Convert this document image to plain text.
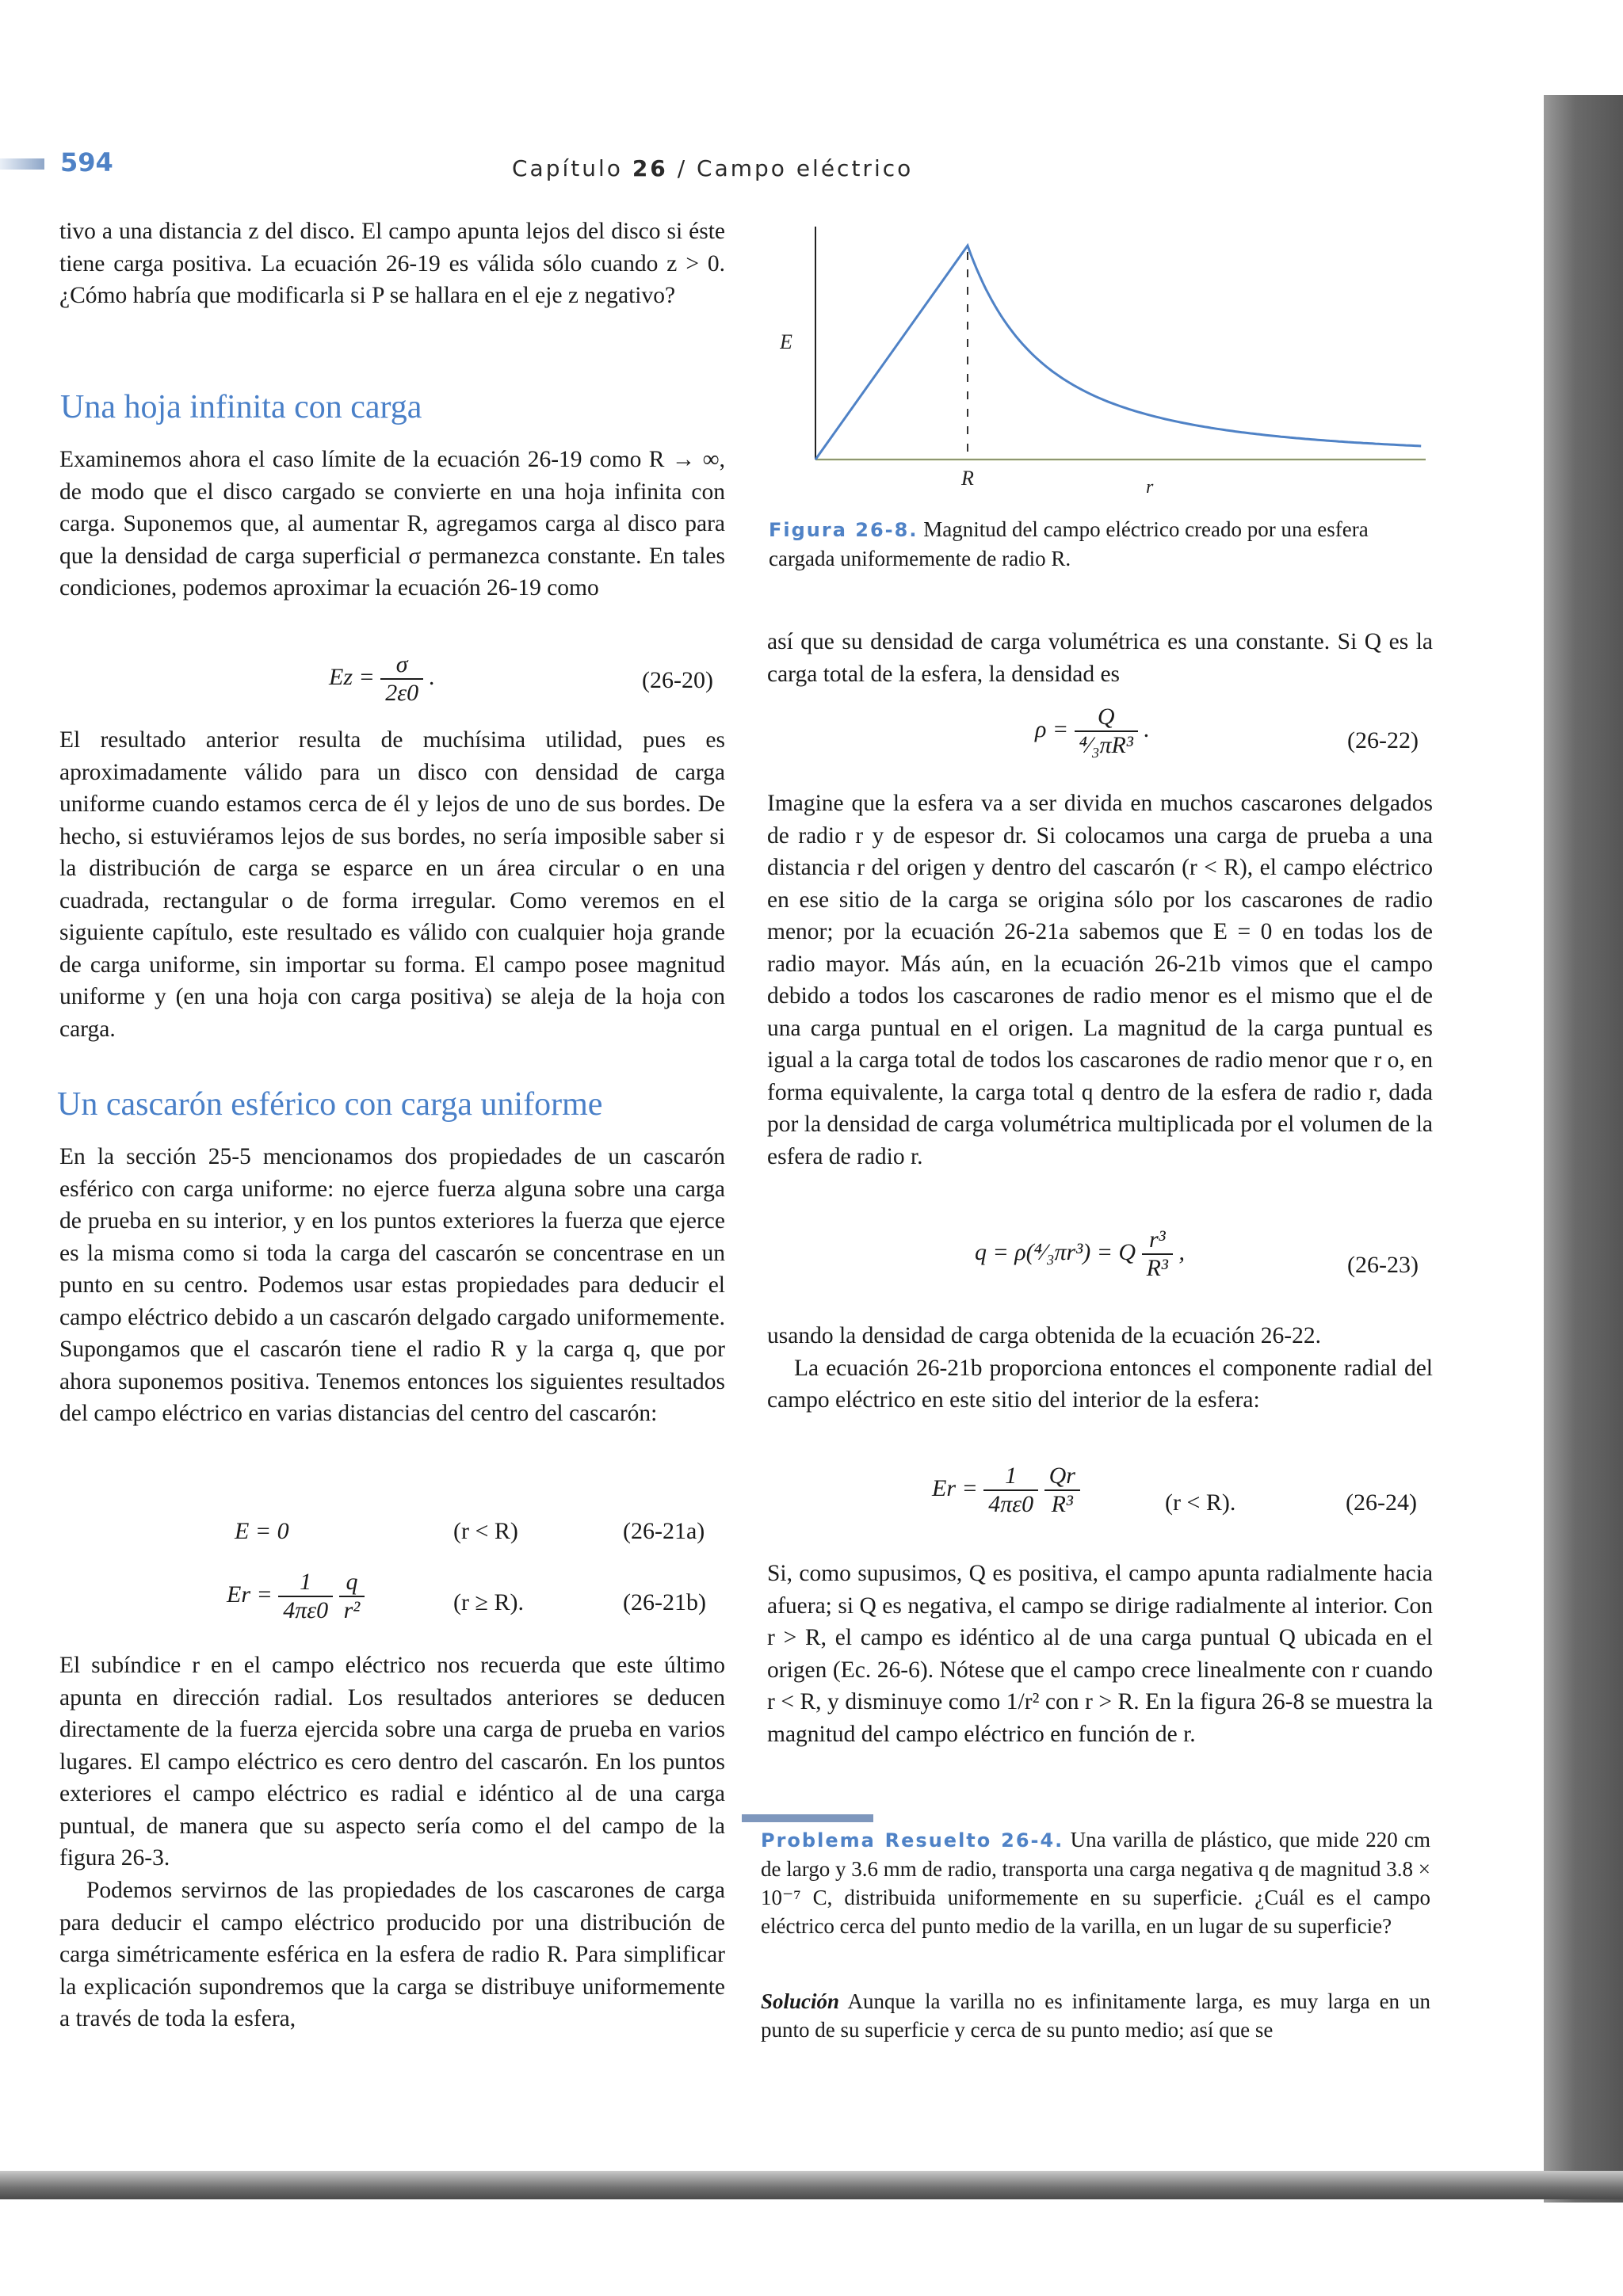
594	Capítulo 26 / Campo eléctrico

tivo a una distancia z del disco. El campo apunta lejos del disco si éste tiene carga positiva. La ecuación 26-19 es válida sólo cuando z > 0. ¿Cómo habría que modificarla si P se hallara en el eje z negativo?

Una hoja infinita con carga

Examinemos ahora el caso límite de la ecuación 26-19 como R → ∞, de modo que el disco cargado se convierte en una hoja infinita con carga. Suponemos que, al aumentar R, agregamos carga al disco para que la densidad de carga superficial σ permanezca constante. En tales condiciones, podemos aproximar la ecuación 26-19 como

$Ez = \frac{\sigma}{2\varepsilon 0}$ .	(26-20)

El resultado anterior resulta de muchísima utilidad, pues es aproximadamente válido para un disco con densidad de carga uniforme cuando estamos cerca de él y lejos de uno de sus bordes. De hecho, si estuviéramos lejos de sus bordes, no sería imposible saber si la distribución de carga se esparce en un área circular o en una cuadrada, rectangular o de forma irregular. Como veremos en el siguiente capítulo, este resultado es válido con cualquier hoja grande de carga uniforme, sin importar su forma. El campo posee magnitud uniforme y (en una hoja con carga positiva) se aleja de la hoja con carga.

Un cascarón esférico con carga uniforme

En la sección 25-5 mencionamos dos propiedades de un cascarón esférico con carga uniforme: no ejerce fuerza alguna sobre una carga de prueba en su interior, y en los puntos exteriores la fuerza que ejerce es la misma como si toda la carga del cascarón se concentrase en un punto en su centro. Podemos usar estas propiedades para deducir el campo eléctrico debido a un cascarón delgado cargado uniformemente. Supongamos que el cascarón tiene el radio R y la carga q, que por ahora suponemos positiva. Tenemos entonces los siguientes resultados del campo eléctrico en varias distancias del centro del cascarón:

E = 0	(r < R)	(26-21a)
$Er = \frac{1}{4\pi\varepsilon 0}$
$\frac{q}{\text{r²}}$	(r ≥ R).	(26-21b)

El subíndice r en el campo eléctrico nos recuerda que este último apunta en dirección radial. Los resultados anteriores se deducen directamente de la fuerza ejercida sobre una carga de prueba en varios lugares. El campo eléctrico es cero dentro del cascarón. En los puntos exteriores el campo eléctrico es radial e idéntico al de una carga puntual, de manera que su aspecto sería como el del campo de la figura 26-3.

Podemos servirnos de las propiedades de los cascarones de carga para deducir el campo eléctrico producido por una distribución de carga simétricamente esférica en la esfera de radio R. Para simplificar la explicación supondremos que la carga se distribuye uniformemente a través de toda la esfera,

E
R	r
Figura 26-8. Magnitud del campo eléctrico creado por una esfera cargada uniformemente de radio R.

así que su densidad de carga volumétrica es una constante. Si Q es la carga total de la esfera, la densidad es

$\rho = \frac{Q}{\text{⁴⁄₃πR³}}$ .	(26-22)

Imagine que la esfera va a ser divida en muchos cascarones delgados de radio r y de espesor dr. Si colocamos una carga de prueba a una distancia r del origen y dentro del cascarón (r < R), el campo eléctrico en ese sitio de la carga se origina sólo por los cascarones de radio menor; por la ecuación 26-21a sabemos que E = 0 en todas los de radio mayor. Más aún, en la ecuación 26-21b vimos que el campo debido a todos los cascarones de radio menor es el mismo que el de una carga puntual en el origen. La magnitud de la carga puntual es igual a la carga total de todos los cascarones de radio menor que r o, en forma equivalente, la carga total q dentro de la esfera de radio r, dada por la densidad de carga volumétrica multiplicada por el volumen de la esfera de radio r.

q = ρ(⁴⁄₃πr³) = Q $\frac{\text{r³}}{\text{R³}}$ ,	(26-23)

usando la densidad de carga obtenida de la ecuación 26-22.

La ecuación 26-21b proporciona entonces el componente radial del campo eléctrico en este sitio del interior de la esfera:

$Er = \frac{1}{4\pi\varepsilon 0}$
$\frac{Qr}{\text{R³}}$	(r < R).	(26-24)

Si, como supusimos, Q es positiva, el campo apunta radialmente hacia afuera; si Q es negativa, el campo se dirige radialmente al interior. Con r > R, el campo es idéntico al de una carga puntual Q ubicada en el origen (Ec. 26-6). Nótese que el campo crece linealmente con r cuando r < R, y disminuye como 1/r² con r > R. En la figura 26-8 se muestra la magnitud del campo eléctrico en función de r.

Problema Resuelto 26-4. Una varilla de plástico, que mide 220 cm de largo y 3.6 mm de radio, transporta una carga negativa q de magnitud 3.8 × 10⁻⁷ C, distribuida uniformemente en su superficie. ¿Cuál es el campo eléctrico cerca del punto medio de la varilla, en un lugar de su superficie?
Solución Aunque la varilla no es infinitamente larga, es muy larga en un punto de su superficie y cerca de su punto medio; así que se
